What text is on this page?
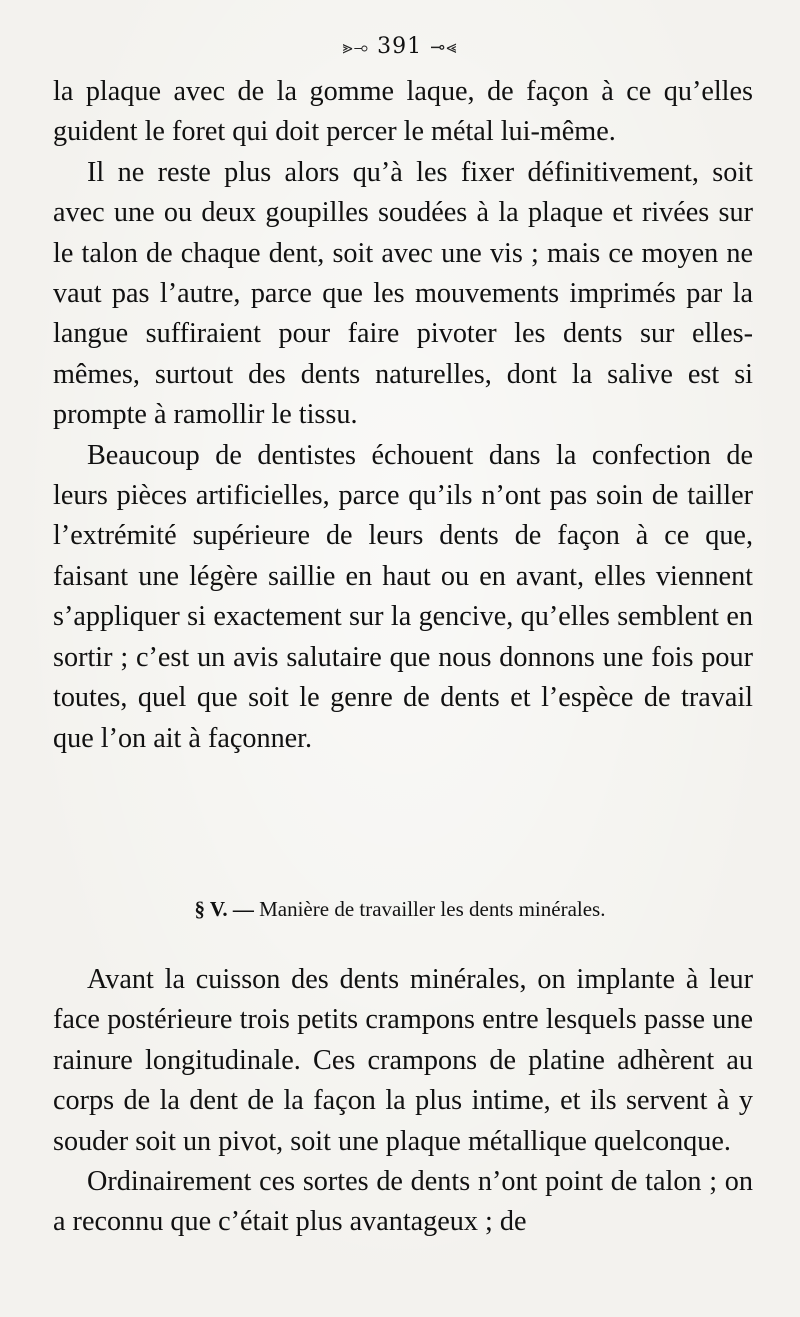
⪢⊸ 391 ⊸⪡

la plaque avec de la gomme laque, de façon à ce qu’elles guident le foret qui doit percer le métal lui-même.

Il ne reste plus alors qu’à les fixer définitivement, soit avec une ou deux goupilles soudées à la plaque et rivées sur le talon de chaque dent, soit avec une vis ; mais ce moyen ne vaut pas l’autre, parce que les mouvements imprimés par la langue suffiraient pour faire pivoter les dents sur elles-mêmes, surtout des dents naturelles, dont la salive est si prompte à ramollir le tissu.

Beaucoup de dentistes échouent dans la confection de leurs pièces artificielles, parce qu’ils n’ont pas soin de tailler l’extrémité supérieure de leurs dents de façon à ce que, faisant une légère saillie en haut ou en avant, elles viennent s’appliquer si exactement sur la gencive, qu’elles semblent en sortir ; c’est un avis salutaire que nous donnons une fois pour toutes, quel que soit le genre de dents et l’espèce de travail que l’on ait à façonner.

§ V. — Manière de travailler les dents minérales.

Avant la cuisson des dents minérales, on implante à leur face postérieure trois petits crampons entre lesquels passe une rainure longitudinale. Ces crampons de platine adhèrent au corps de la dent de la façon la plus intime, et ils servent à y souder soit un pivot, soit une plaque métallique quelconque.

Ordinairement ces sortes de dents n’ont point de talon ; on a reconnu que c’était plus avantageux ; de
